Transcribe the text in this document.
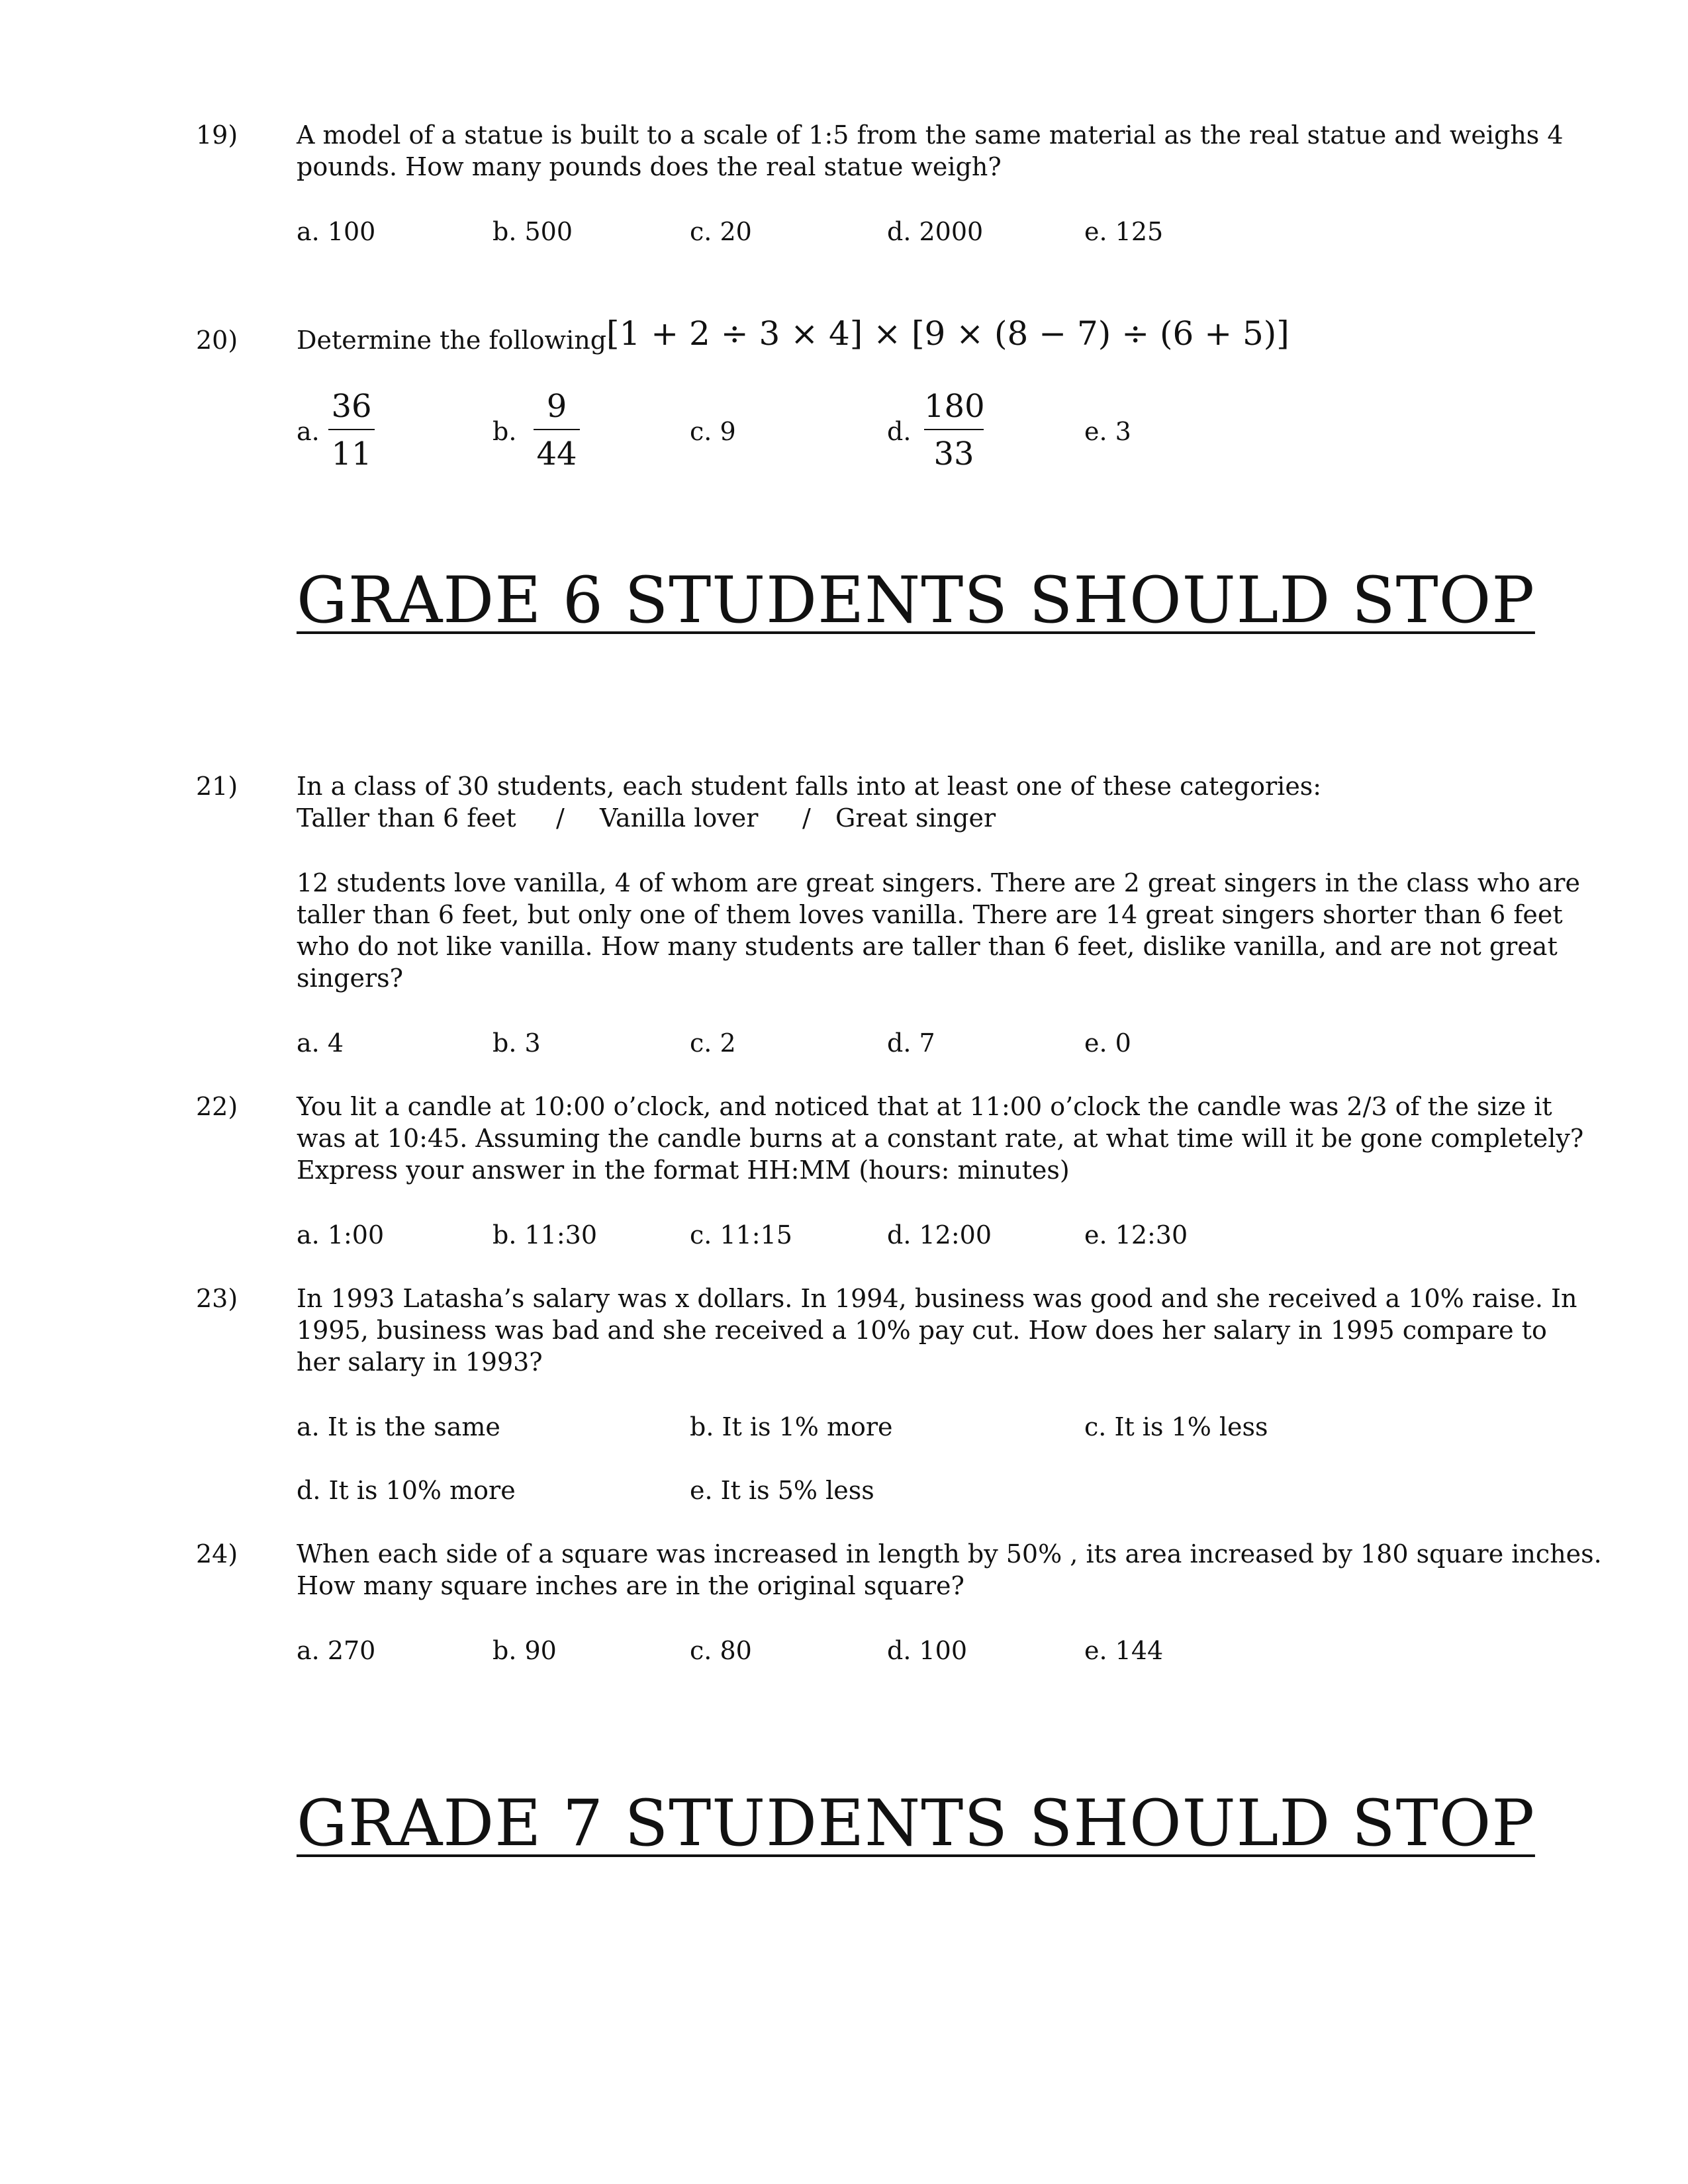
19) A model of a statue is built to a scale of 1:5 from the same material as the real statue and weighs 4
pounds. How many pounds does the real statue weigh?
a. 100	b. 500	c. 20	d. 2000	e. 125
20) Determine the following:
[1 + 2 ÷ 3 × 4] × [9 × (8 − 7) ÷ (6 + 5)]
a.
36
11
b.
9
44
c. 9	d.
180
33
e. 3
GRADE 6 STUDENTS SHOULD STOP
21) In a class of 30 students, each student falls into at least one of these categories:
Taller than 6 feet / Vanilla lover / Great singer
12 students love vanilla, 4 of whom are great singers. There are 2 great singers in the class who are
taller than 6 feet, but only one of them loves vanilla. There are 14 great singers shorter than 6 feet
who do not like vanilla. How many students are taller than 6 feet, dislike vanilla, and are not great
singers?
a. 4	b. 3	c. 2	d. 7	e. 0
22) You lit a candle at 10:00 o’clock, and noticed that at 11:00 o’clock the candle was 2/3 of the size it
was at 10:45. Assuming the candle burns at a constant rate, at what time will it be gone completely?
Express your answer in the format HH:MM (hours: minutes)
a. 1:00	b. 11:30	c. 11:15	d. 12:00	e. 12:30
23) In 1993 Latasha’s salary was x dollars. In 1994, business was good and she received a 10% raise. In
1995, business was bad and she received a 10% pay cut. How does her salary in 1995 compare to
her salary in 1993?
a. It is the same	b. It is 1% more	c. It is 1% less
d. It is 10% more	e. It is 5% less
24) When each side of a square was increased in length by 50% , its area increased by 180 square inches.
How many square inches are in the original square?
a. 270	b. 90	c. 80	d. 100	e. 144
GRADE 7 STUDENTS SHOULD STOP
